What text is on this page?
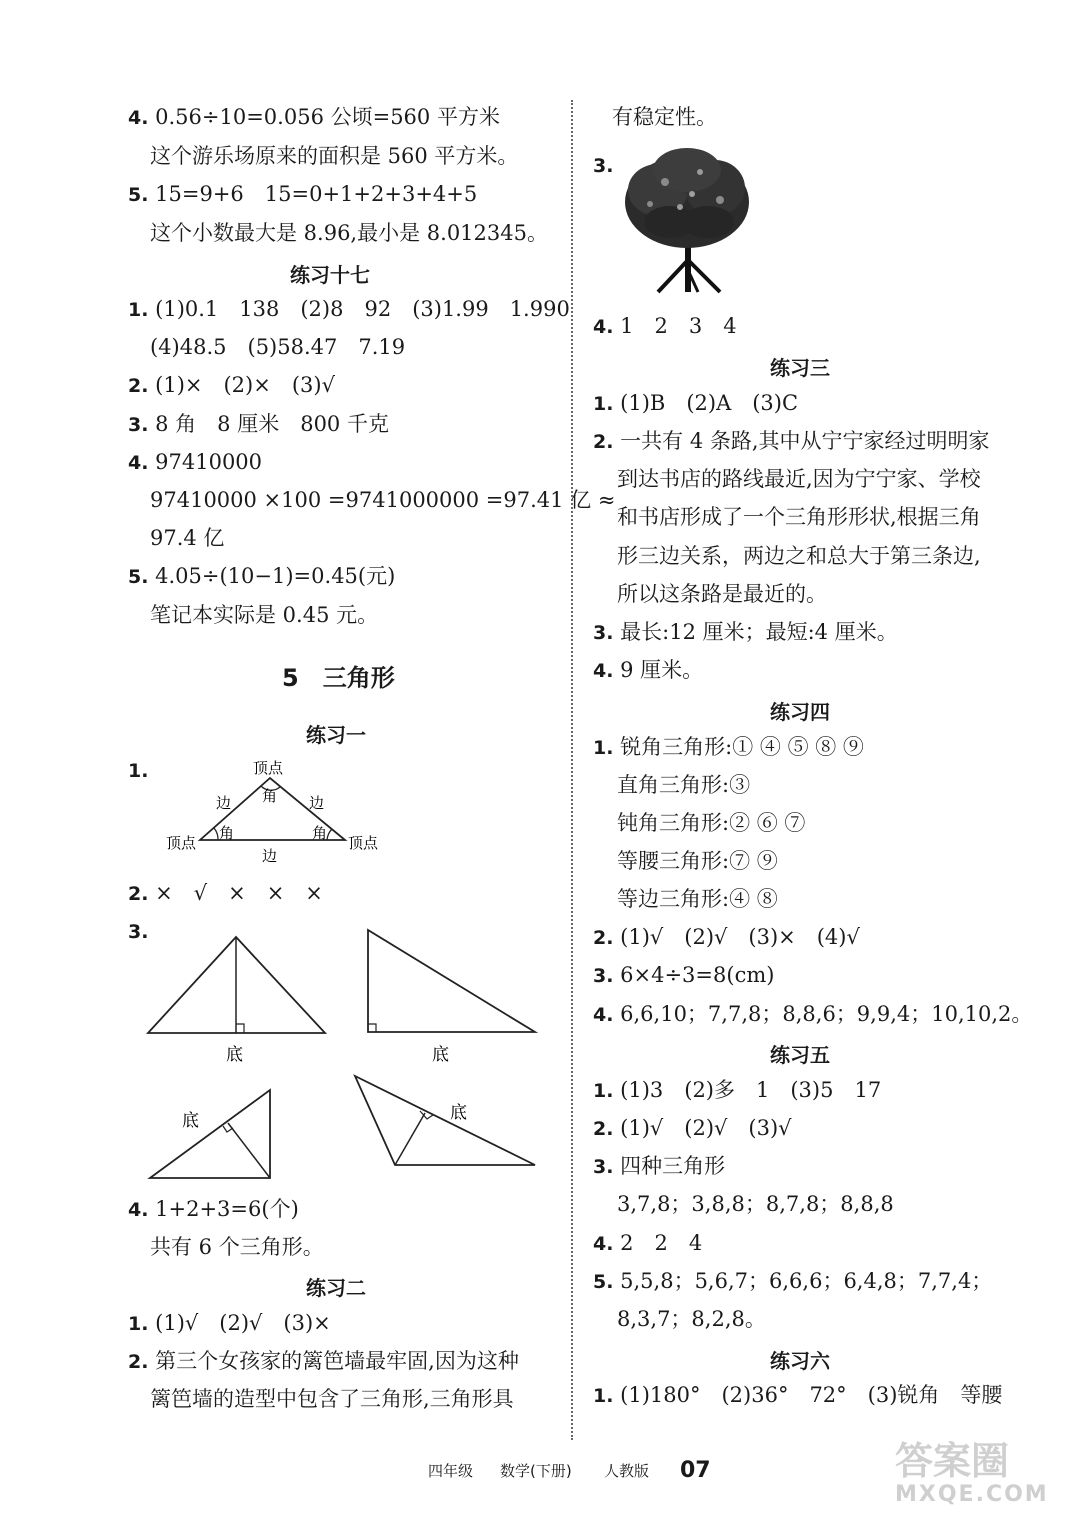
4. 0.56÷10=0.056 公顷=560 平方米
这个游乐场原来的面积是 560 平方米。
5. 15=9+6　15=0+1+2+3+4+5
这个小数最大是 8.96,最小是 8.012345。
练习十七
1. (1)0.1　138　(2)8　92　(3)1.99　1.990
(4)48.5　(5)58.47　7.19
2. (1)×　(2)×　(3)√
3. 8 角　8 厘米　800 千克
4. 97410000
97410000 ×100 =9741000000 =97.41 亿 ≈
97.4 亿
5. 4.05÷(10−1)=0.45(元)
笔记本实际是 0.45 元。
5　三角形
练习一
1.	顶点
角
边	边
角	角
顶点	顶点
边
2. ×　√　×　×　×
3.
底	底
底	底
4. 1+2+3=6(个)
共有 6 个三角形。
练习二
1. (1)√　(2)√　(3)×
2. 第三个女孩家的篱笆墙最牢固,因为这种
篱笆墙的造型中包含了三角形,三角形具
有稳定性。
3.
4. 1　2　3　4
练习三
1. (1)B　(2)A　(3)C
2. 一共有 4 条路,其中从宁宁家经过明明家
到达书店的路线最近,因为宁宁家、学校
和书店形成了一个三角形形状,根据三角
形三边关系，两边之和总大于第三条边,
所以这条路是最近的。
3. 最长:12 厘米；最短:4 厘米。
4. 9 厘米。
练习四
1. 锐角三角形:① ④ ⑤ ⑧ ⑨
直角三角形:③
钝角三角形:② ⑥ ⑦
等腰三角形:⑦ ⑨
等边三角形:④ ⑧
2. (1)√　(2)√　(3)×　(4)√
3. 6×4÷3=8(cm)
4. 6,6,10；7,7,8；8,8,6；9,9,4；10,10,2。
练习五
1. (1)3　(2)多　1　(3)5　17
2. (1)√　(2)√　(3)√
3. 四种三角形
3,7,8；3,8,8；8,7,8；8,8,8
4. 2　2　4
5. 5,5,8；5,6,7；6,6,6；6,4,8；7,7,4；
8,3,7；8,2,8。
练习六
1. (1)180°　(2)36°　72°　(3)锐角　等腰
四年级 数学(下册) 人教版 07	答案圈
MXQE.COM
